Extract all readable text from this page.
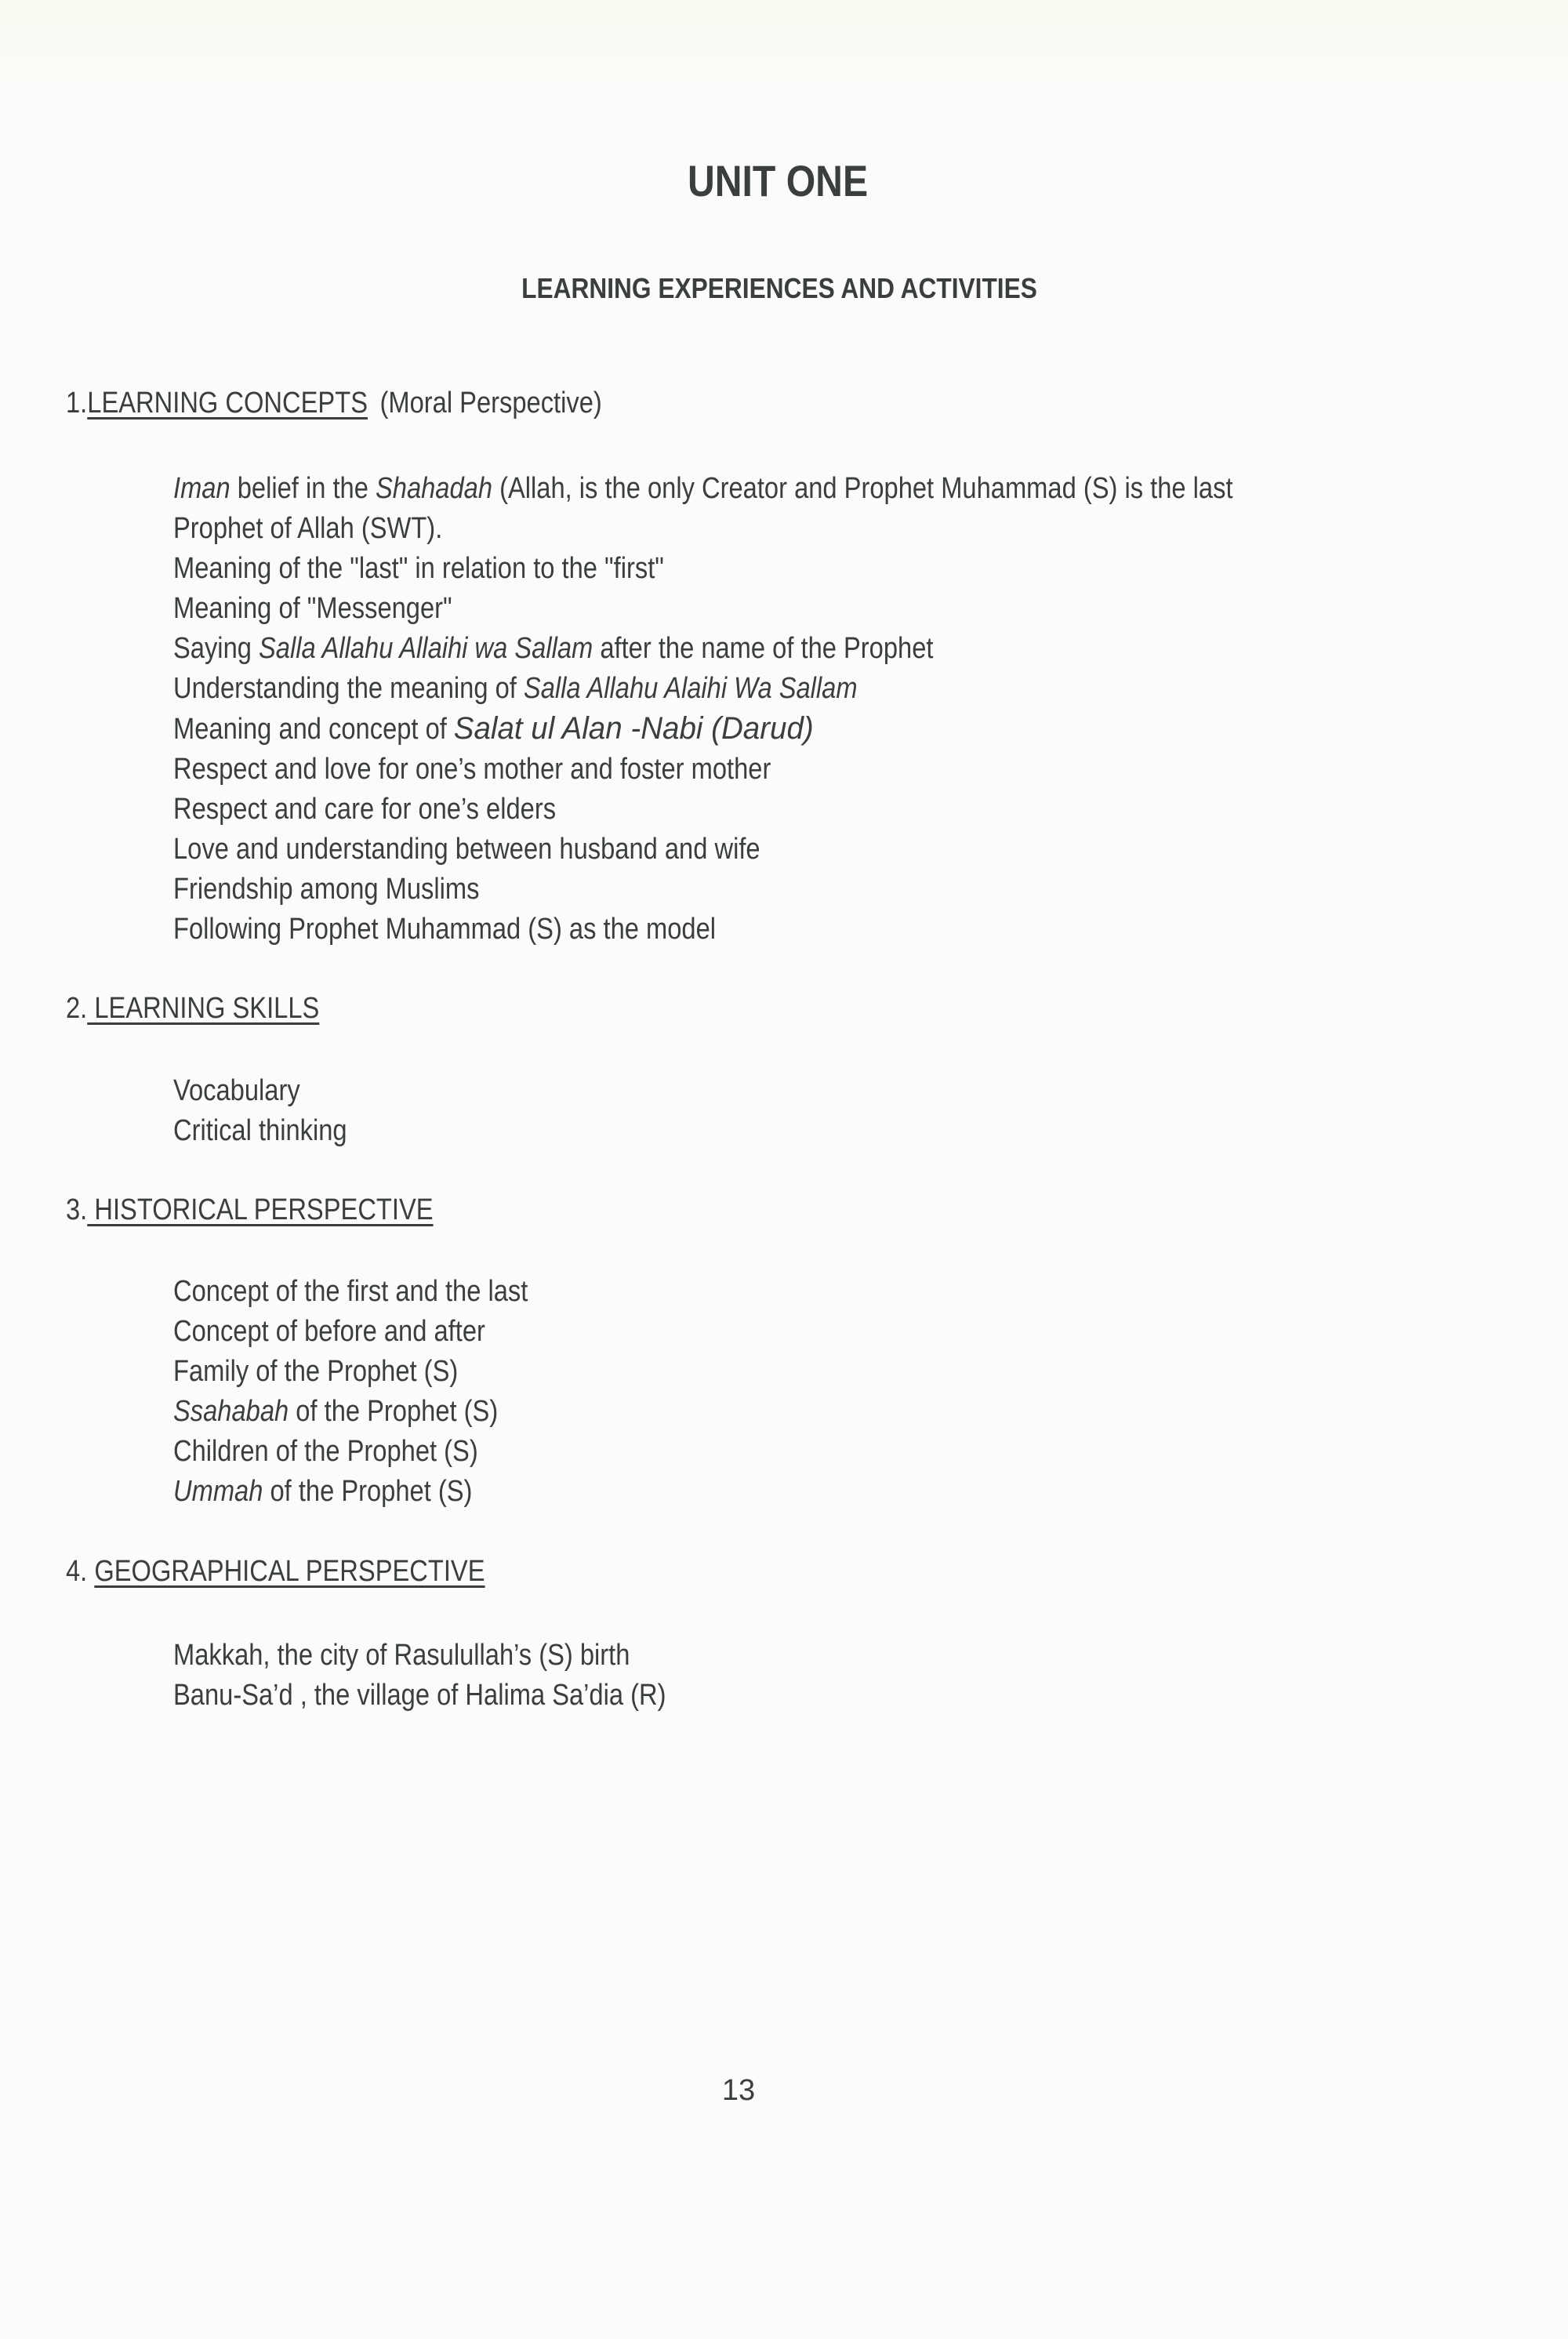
UNIT ONE
LEARNING EXPERIENCES AND ACTIVITIES
1.LEARNING CONCEPTS (Moral Perspective)
Iman belief in the Shahadah (Allah, is the only Creator and Prophet Muhammad (S) is the last
Prophet of Allah (SWT).
Meaning of the "last" in relation to the "first"
Meaning of "Messenger"
Saying Salla Allahu Allaihi wa Sallam after the name of the Prophet
Understanding the meaning of Salla Allahu Alaihi Wa Sallam
Meaning and concept of Salat ul Alan -Nabi (Darud)
Respect and love for one’s mother and foster mother
Respect and care for one’s elders
Love and understanding between husband and wife
Friendship among Muslims
Following Prophet Muhammad (S) as the model
2. LEARNING SKILLS
Vocabulary
Critical thinking
3. HISTORICAL PERSPECTIVE
Concept of the first and the last
Concept of before and after
Family of the Prophet (S)
Ssahabah of the Prophet (S)
Children of the Prophet (S)
Ummah of the Prophet (S)
4. GEOGRAPHICAL PERSPECTIVE
Makkah, the city of Rasulullah’s (S) birth
Banu-Sa’d , the village of Halima Sa’dia (R)
13
